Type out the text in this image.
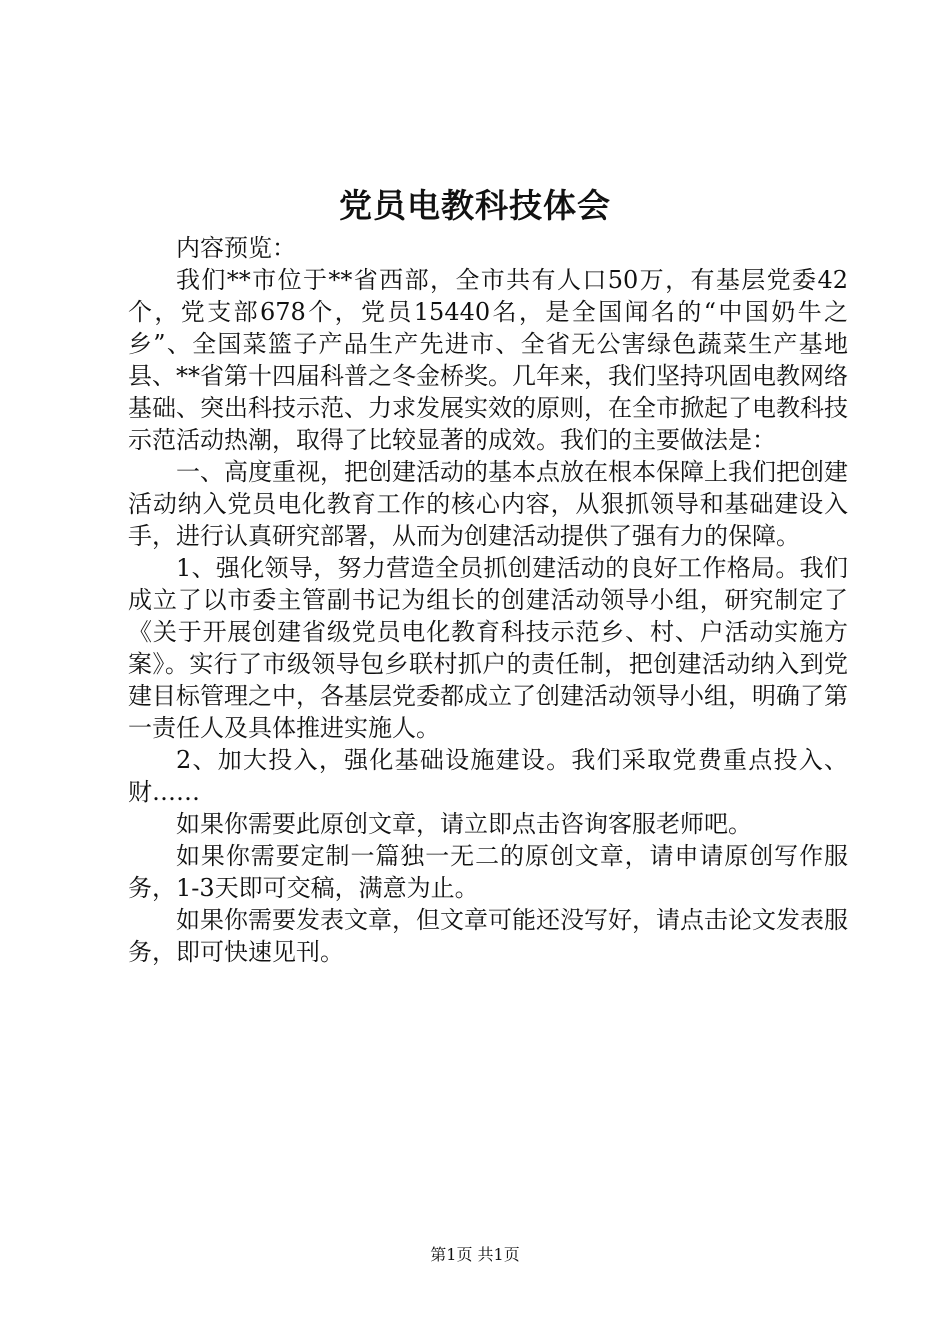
党员电教科技体会

内容预览：

我们**市位于**省西部，全市共有人口50万，有基层党委42个，党支部678个，党员15440名，是全国闻名的“中国奶牛之乡”、全国菜篮子产品生产先进市、全省无公害绿色蔬菜生产基地县、**省第十四届科普之冬金桥奖。几年来，我们坚持巩固电教网络基础、突出科技示范、力求发展实效的原则，在全市掀起了电教科技示范活动热潮，取得了比较显著的成效。我们的主要做法是：

一、高度重视，把创建活动的基本点放在根本保障上我们把创建活动纳入党员电化教育工作的核心内容，从狠抓领导和基础建设入手，进行认真研究部署，从而为创建活动提供了强有力的保障。

1、强化领导，努力营造全员抓创建活动的良好工作格局。我们成立了以市委主管副书记为组长的创建活动领导小组，研究制定了《关于开展创建省级党员电化教育科技示范乡、村、户活动实施方案》。实行了市级领导包乡联村抓户的责任制，把创建活动纳入到党建目标管理之中，各基层党委都成立了创建活动领导小组，明确了第一责任人及具体推进实施人。

2、加大投入，强化基础设施建设。我们采取党费重点投入、财……

如果你需要此原创文章，请立即点击咨询客服老师吧。

如果你需要定制一篇独一无二的原创文章，请申请原创写作服务，1-3天即可交稿，满意为止。

如果你需要发表文章，但文章可能还没写好，请点击论文发表服务，即可快速见刊。

第1页 共1页
